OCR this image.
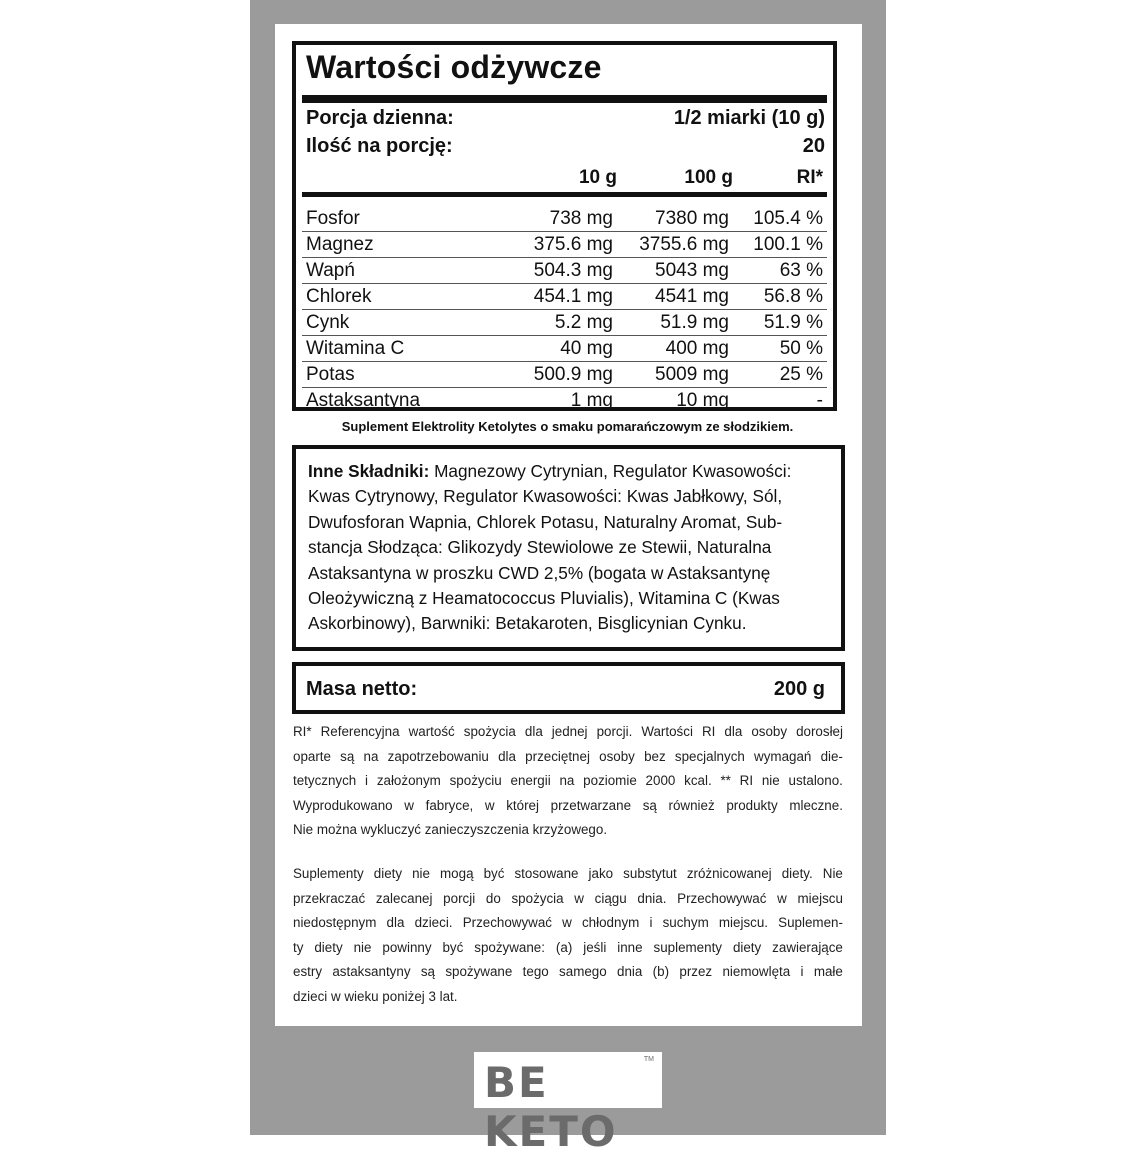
Wartości odżywcze
Porcja dzienna:	1/2 miarki (10 g)
Ilość na porcję:	20
10 g	100 g	RI*
Fosfor	738 mg 7380 mg 105.4 %
Magnez	375.6 mg 3755.6 mg 100.1 %
Wapń	504.3 mg 5043 mg	63 %
Chlorek	454.1 mg 4541 mg 56.8 %
Cynk	5.2 mg 51.9 mg 51.9 %
Witamina C	40 mg	400 mg	50 %
Potas	500.9 mg 5009 mg	25 %
Astaksantyna	1 mg	10 mg	-
Suplement Elektrolity Ketolytes o smaku pomarańczowym ze słodzikiem.
Inne Składniki: Magnezowy Cytrynian, Regulator Kwasowości:
Kwas Cytrynowy, Regulator Kwasowości: Kwas Jabłkowy, Sól,
Dwufosforan Wapnia, Chlorek Potasu, Naturalny Aromat, Sub-
stancja Słodząca: Glikozydy Stewiolowe ze Stewii, Naturalna
Astaksantyna w proszku CWD 2,5% (bogata w Astaksantynę
Oleożywiczną z Heamatococcus Pluvialis), Witamina C (Kwas
Askorbinowy), Barwniki: Betakaroten, Bisglicynian Cynku.
Masa netto:	200 g
RI* Referencyjna wartość spożycia dla jednej porcji. Wartości RI dla osoby dorosłej
oparte są na zapotrzebowaniu dla przeciętnej osoby bez specjalnych wymagań die-
tetycznych i założonym spożyciu energii na poziomie 2000 kcal. ** RI nie ustalono.
Wyprodukowano w fabryce, w której przetwarzane są również produkty mleczne.
Nie można wykluczyć zanieczyszczenia krzyżowego.
Suplementy diety nie mogą być stosowane jako substytut zróżnicowanej diety. Nie
przekraczać zalecanej porcji do spożycia w ciągu dnia. Przechowywać w miejscu
niedostępnym dla dzieci. Przechowywać w chłodnym i suchym miejscu. Suplemen-
ty diety nie powinny być spożywane: (a) jeśli inne suplementy diety zawierające
estry astaksantyny są spożywane tego samego dnia (b) przez niemowlęta i małe
dzieci w wieku poniżej 3 lat.
BE KETO
TM
